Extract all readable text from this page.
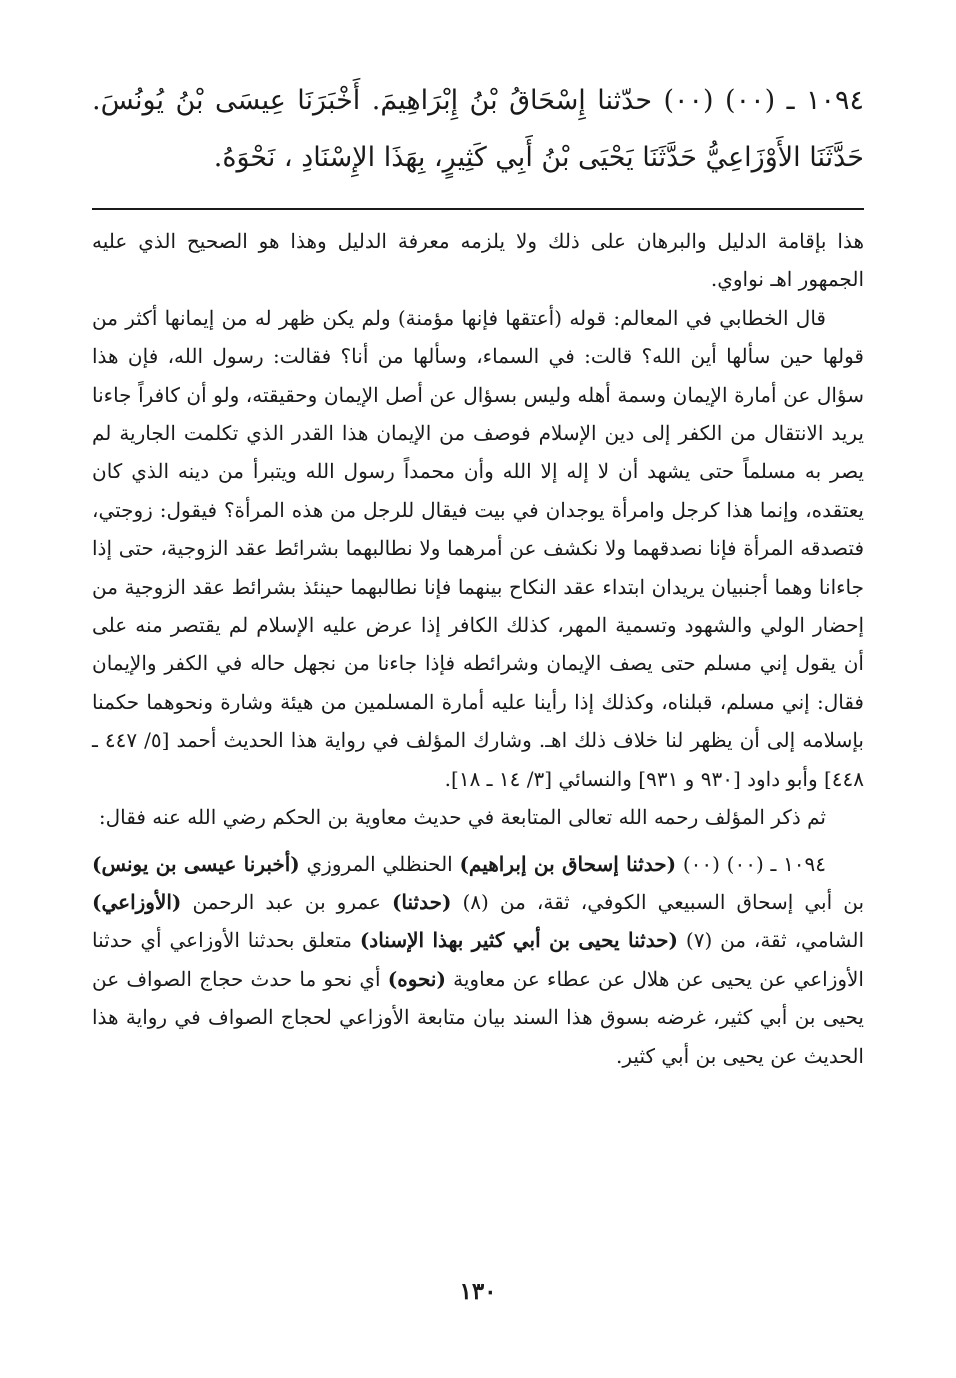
١٠٩٤ ـ (٠٠) (٠٠) حدّثنا إِسْحَاقُ بْنُ إِبْرَاهِيمَ. أَخْبَرَنَا عِيسَى بْنُ يُونُسَ. حَدَّثَنَا الأَوْزَاعِيُّ حَدَّثَنَا يَحْيَى بْنُ أَبِي كَثِيرٍ، بِهَذَا الإِسْنَادِ ، نَحْوَهُ.

هذا بإقامة الدليل والبرهان على ذلك ولا يلزمه معرفة الدليل وهذا هو الصحيح الذي عليه الجمهور اهـ نواوي.

قال الخطابي في المعالم: قوله (أعتقها فإنها مؤمنة) ولم يكن ظهر له من إيمانها أكثر من قولها حين سألها أين الله؟ قالت: في السماء، وسألها من أنا؟ فقالت: رسول الله، فإن هذا سؤال عن أمارة الإيمان وسمة أهله وليس بسؤال عن أصل الإيمان وحقيقته، ولو أن كافراً جاءنا يريد الانتقال من الكفر إلى دين الإسلام فوصف من الإيمان هذا القدر الذي تكلمت الجارية لم يصر به مسلماً حتى يشهد أن لا إله إلا الله وأن محمداً رسول الله ويتبرأ من دينه الذي كان يعتقده، وإنما هذا كرجل وامرأة يوجدان في بيت فيقال للرجل من هذه المرأة؟ فيقول: زوجتي، فتصدقه المرأة فإنا نصدقهما ولا نكشف عن أمرهما ولا نطالبهما بشرائط عقد الزوجية، حتى إذا جاءانا وهما أجنبيان يريدان ابتداء عقد النكاح بينهما فإنا نطالبهما حينئذ بشرائط عقد الزوجية من إحضار الولي والشهود وتسمية المهر، كذلك الكافر إذا عرض عليه الإسلام لم يقتصر منه على أن يقول إني مسلم حتى يصف الإيمان وشرائطه فإذا جاءنا من نجهل حاله في الكفر والإيمان فقال: إني مسلم، قبلناه، وكذلك إذا رأينا عليه أمارة المسلمين من هيئة وشارة ونحوهما حكمنا بإسلامه إلى أن يظهر لنا خلاف ذلك اهـ. وشارك المؤلف في رواية هذا الحديث أحمد [٥/ ٤٤٧ ـ ٤٤٨] وأبو داود [٩٣٠ و ٩٣١] والنسائي [٣/ ١٤ ـ ١٨].

ثم ذكر المؤلف رحمه الله تعالى المتابعة في حديث معاوية بن الحكم رضي الله عنه فقال:

١٠٩٤ ـ (٠٠) (٠٠) (حدثنا إسحاق بن إبراهيم) الحنظلي المروزي (أخبرنا عيسى بن يونس) بن أبي إسحاق السبيعي الكوفي، ثقة، من (٨) (حدثنا) عمرو بن عبد الرحمن (الأوزاعي) الشامي، ثقة، من (٧) (حدثنا يحيى بن أبي كثير بهذا الإسناد) متعلق بحدثنا الأوزاعي أي حدثنا الأوزاعي عن يحيى عن هلال عن عطاء عن معاوية (نحوه) أي نحو ما حدث حجاج الصواف عن يحيى بن أبي كثير، غرضه بسوق هذا السند بيان متابعة الأوزاعي لحجاج الصواف في رواية هذا الحديث عن يحيى بن أبي كثير.

١٣٠
